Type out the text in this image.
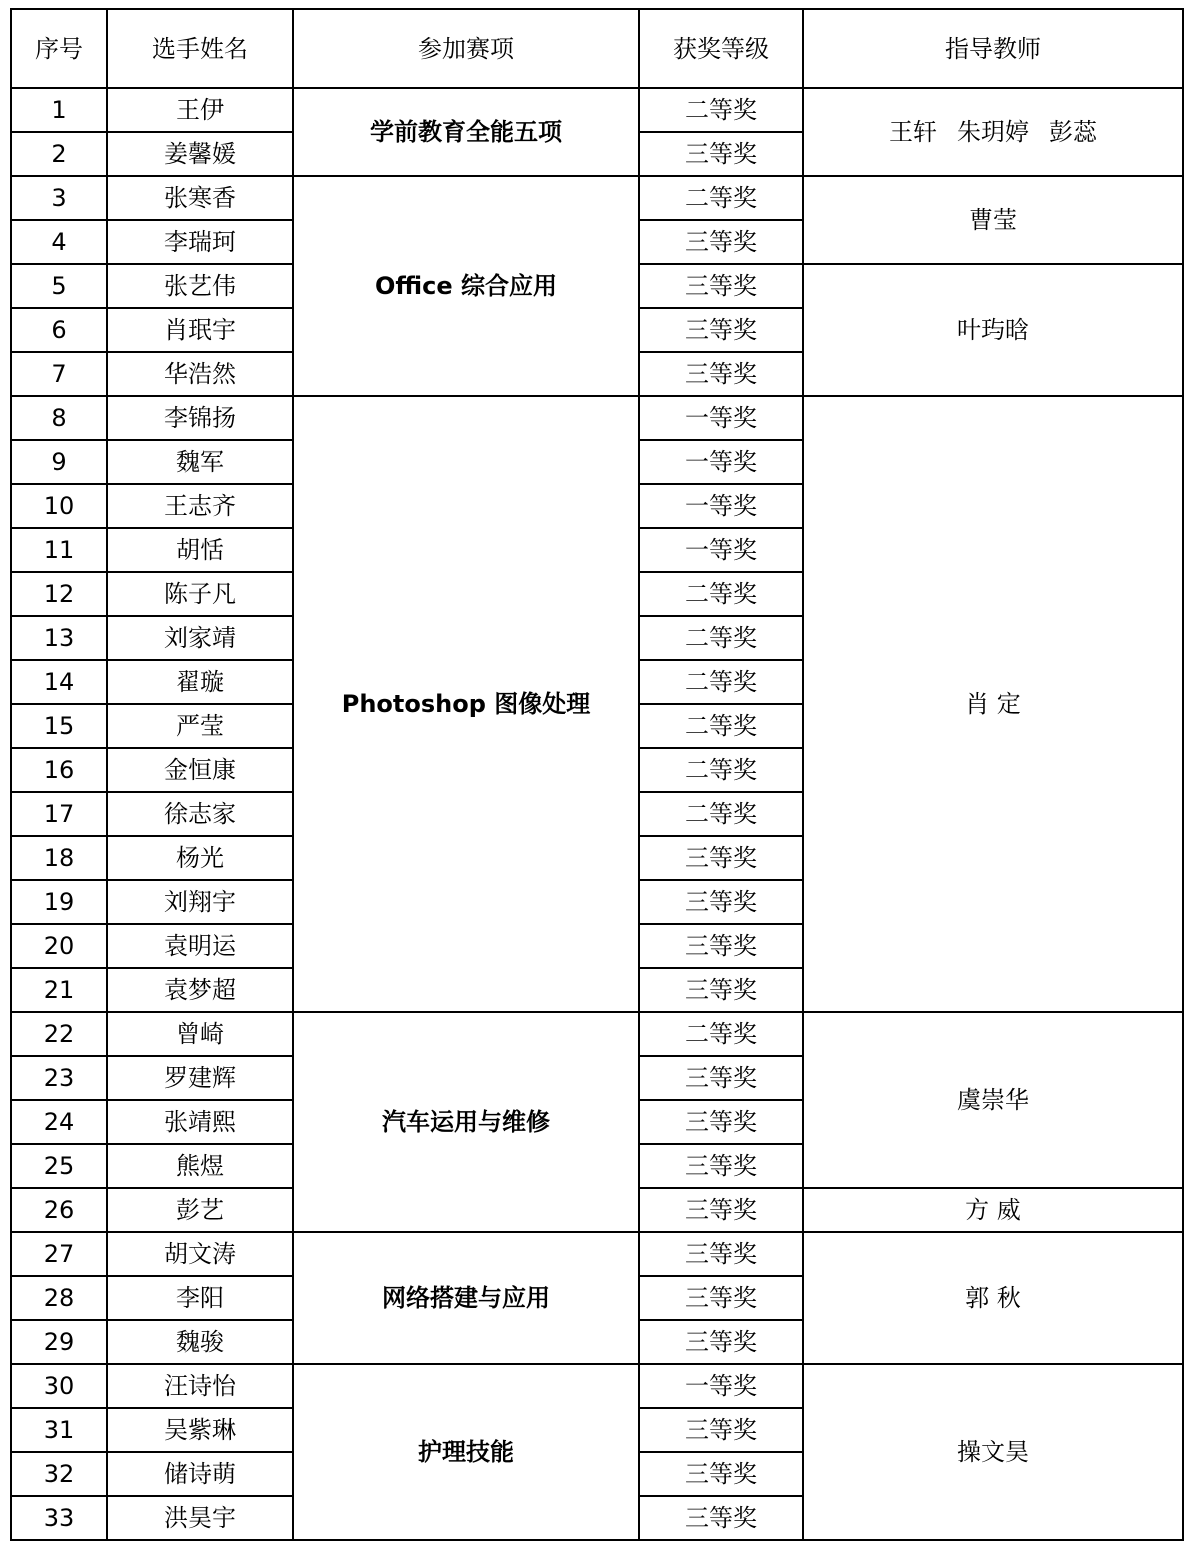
序号	选手姓名	参加赛项	获奖等级	指导教师
1	王伊	学前教育全能五项	二等奖	王轩 朱玥婷 彭蕊
2	姜馨媛		三等奖	
3	张寒香	Office 综合应用	二等奖	曹莹
4	李瑞珂		三等奖	
5	张艺伟		三等奖	叶玙晗
6	肖珉宇		三等奖	
7	华浩然		三等奖	
8	李锦扬	Photoshop 图像处理	一等奖	肖 定
9	魏军		一等奖	
10	王志齐		一等奖	
11	胡恬		一等奖	
12	陈子凡		二等奖	
13	刘家靖		二等奖	
14	翟璇		二等奖	
15	严莹		二等奖	
16	金恒康		二等奖	
17	徐志家		二等奖	
18	杨光		三等奖	
19	刘翔宇		三等奖	
20	袁明运		三等奖	
21	袁梦超		三等奖	
22	曾崎	汽车运用与维修	二等奖	虞崇华
23	罗建辉		三等奖	
24	张靖熙		三等奖	
25	熊煜		三等奖	
26	彭艺		三等奖	方 威
27	胡文涛	网络搭建与应用	三等奖	郭 秋
28	李阳		三等奖	
29	魏骏		三等奖	
30	汪诗怡	护理技能	一等奖	操文昊
31	吴紫琳		三等奖	
32	储诗萌		三等奖	
33	洪昊宇		三等奖	
